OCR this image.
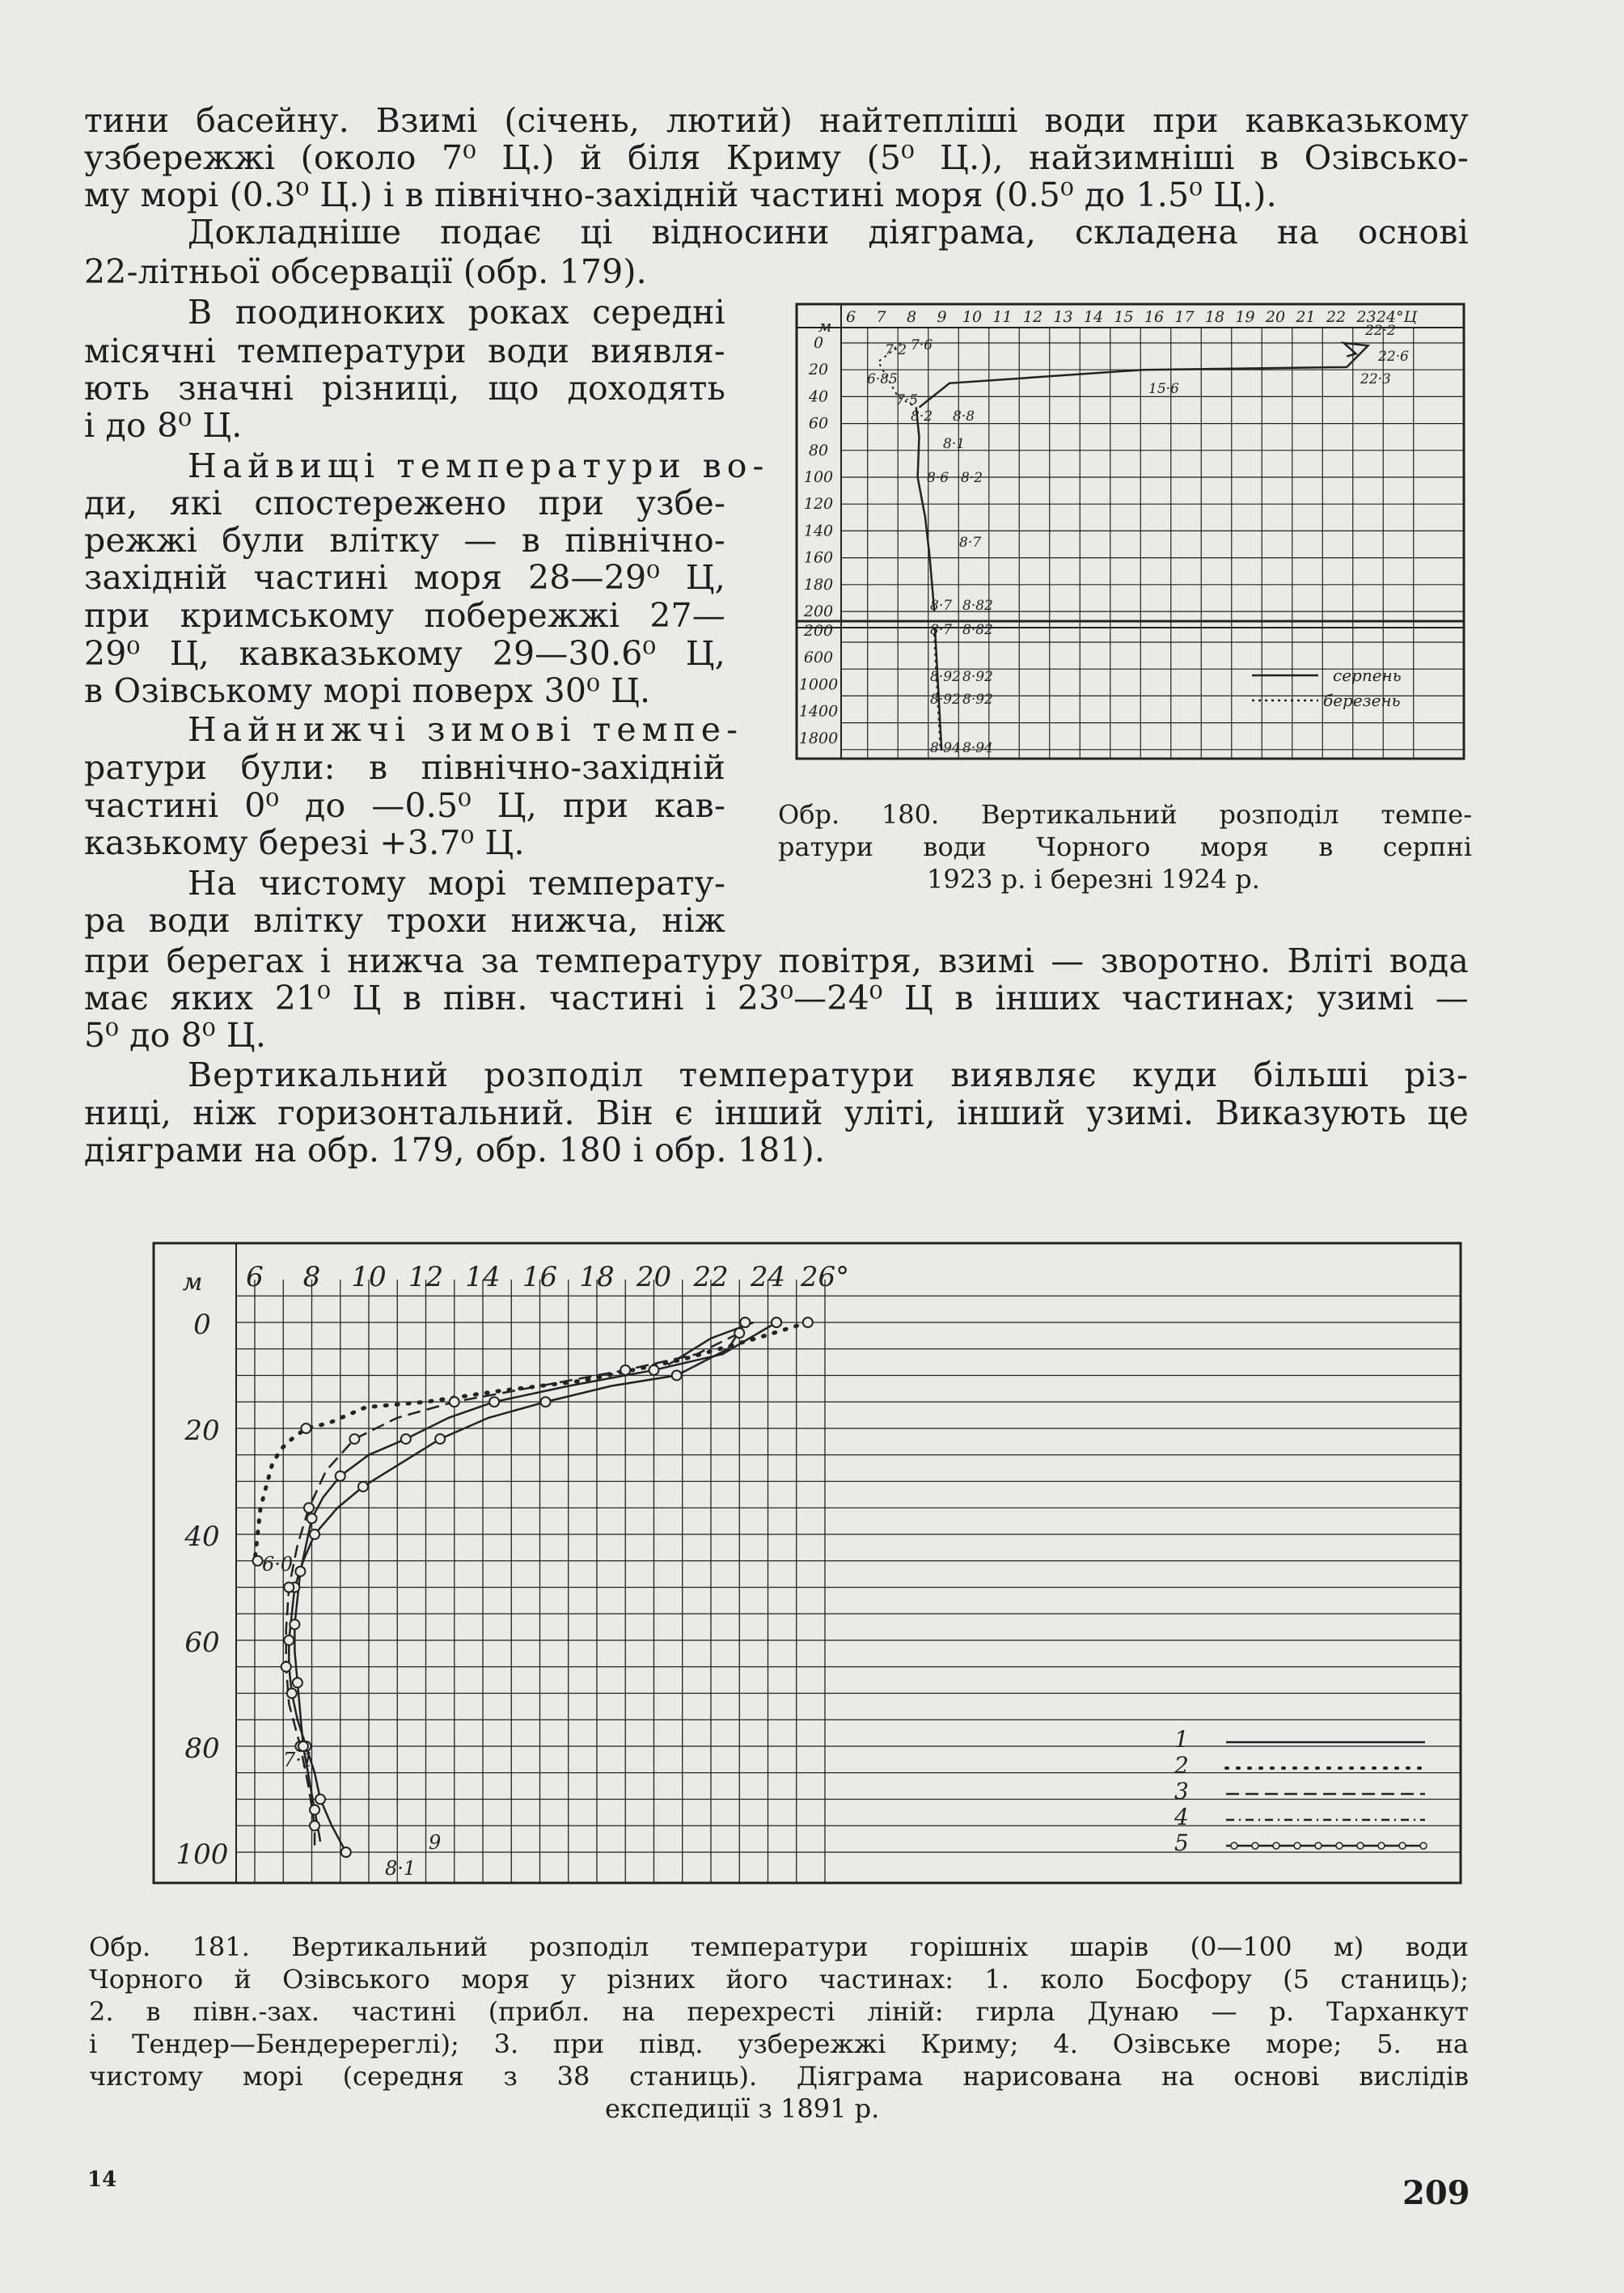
тини басейну. Взимі (січень, лютий) найтепліші води при кавказькому
узбережжі (около 7⁰ Ц.) й біля Криму (5⁰ Ц.), найзимніші в Озівсько-
му морі (0.3⁰ Ц.) і в північно-західній частині моря (0.5⁰ до 1.5⁰ Ц.).
Докладніше подає ці відносини діяграма, складена на основі
22-літньої обсервації (обр. 179).
В поодиноких роках середні
місячні температури води виявля-
ють значні різниці, що доходять
і до 8⁰ Ц.
Найвищі температури во-
ди, які спостережено при узбе-
режжі були влітку — в північно-
західній частині моря 28—29⁰ Ц,
при кримському побережжі 27—
29⁰ Ц, кавказькому 29—30.6⁰ Ц,
в Озівському морі поверх 30⁰ Ц.
Найнижчі зимові темпе-
ратури були: в північно-західній
частині 0⁰ до —0.5⁰ Ц, при кав-
казькому березі +3.7⁰ Ц.
На чистому морі температу-
ра води влітку трохи нижча, ніж
6 7 8 9 10 11 12 13 14 15 16 17 18 19 20 21 22 23 24°Ц
м
0
20
40
60
80
100
120
140
160
180
200
200
600
1000
1400
1800
7·6
7·2
6·85
7·5
8·2 8·8
8·1
8·6 8·2
8·7
15·6
22·2
22·6
22·3
8·7 8·82
8·7 8·82
8·92 8·92
8·92 8·92
8·94 8·94
серпень
березень
Обр. 180. Вертикальний розподіл темпе-
ратури води Чорного моря в серпні
1923 р. і березні 1924 р.
при берегах і нижча за температуру повітря, взимі — зворотно. Вліті вода
має яких 21⁰ Ц в півн. частині і 23⁰—24⁰ Ц в інших частинах; узимі —
5⁰ до 8⁰ Ц.
Вертикальний розподіл температури виявляє куди більші різ-
ниці, ніж горизонтальний. Він є інший уліті, інший узимі. Виказують це
діяграми на обр. 179, обр. 180 і обр. 181).
6 8 10 12 14 16 18 20 22 24 26°
м
0
20
40
60
80
100
6·0
7·1
8·1
9
1
2
3
4
5
Обр. 181. Вертикальний розподіл температури горішніх шарів (0—100 м) води
Чорного й Озівського моря у різних його частинах: 1. коло Босфору (5 станиць);
2. в півн.-зах. частині (прибл. на перехресті ліній: гирла Дунаю — р. Тарханкут
і Тендер—Бендеререглі); 3. при півд. узбережжі Криму; 4. Озівське море; 5. на
чистому морі (середня з 38 станиць). Діяграма нарисована на основі вислідів
експедиції з 1891 р.
14	209
